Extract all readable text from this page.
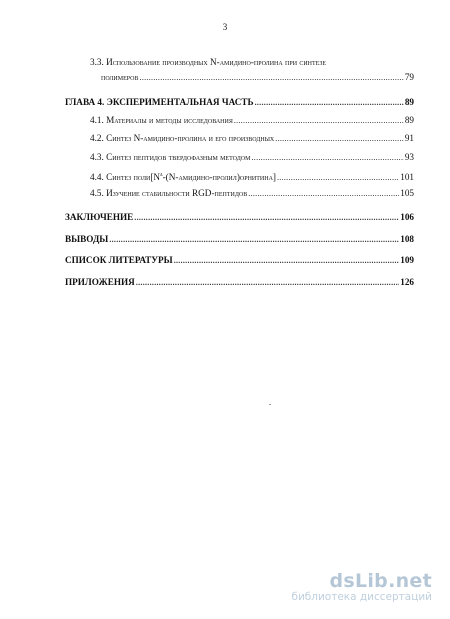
3
3.3. Использование производных N-амидино-пролина при синтезе
полимеров .....	79
ГЛАВА 4. ЭКСПЕРИМЕНТАЛЬНАЯ ЧАСТЬ .....	89
4.1. Материалы и методы исследования .....	89
4.2. Синтез N-амидино-пролина и его производных .....	91
4.3. Синтез пептидов твердофазным методом .....	93
4.4. Синтез $поли[N^\delta-(N-амидино-пролил)орнитина]$ .....	101
4.5. Изучение стабильности RGD-пептидов .....	105
ЗАКЛЮЧЕНИЕ .....	106
ВЫВОДЫ .....	108
СПИСОК ЛИТЕРАТУРЫ .....	109
ПРИЛОЖЕНИЯ .....	126
dsLib.net
библиотека диссертаций
